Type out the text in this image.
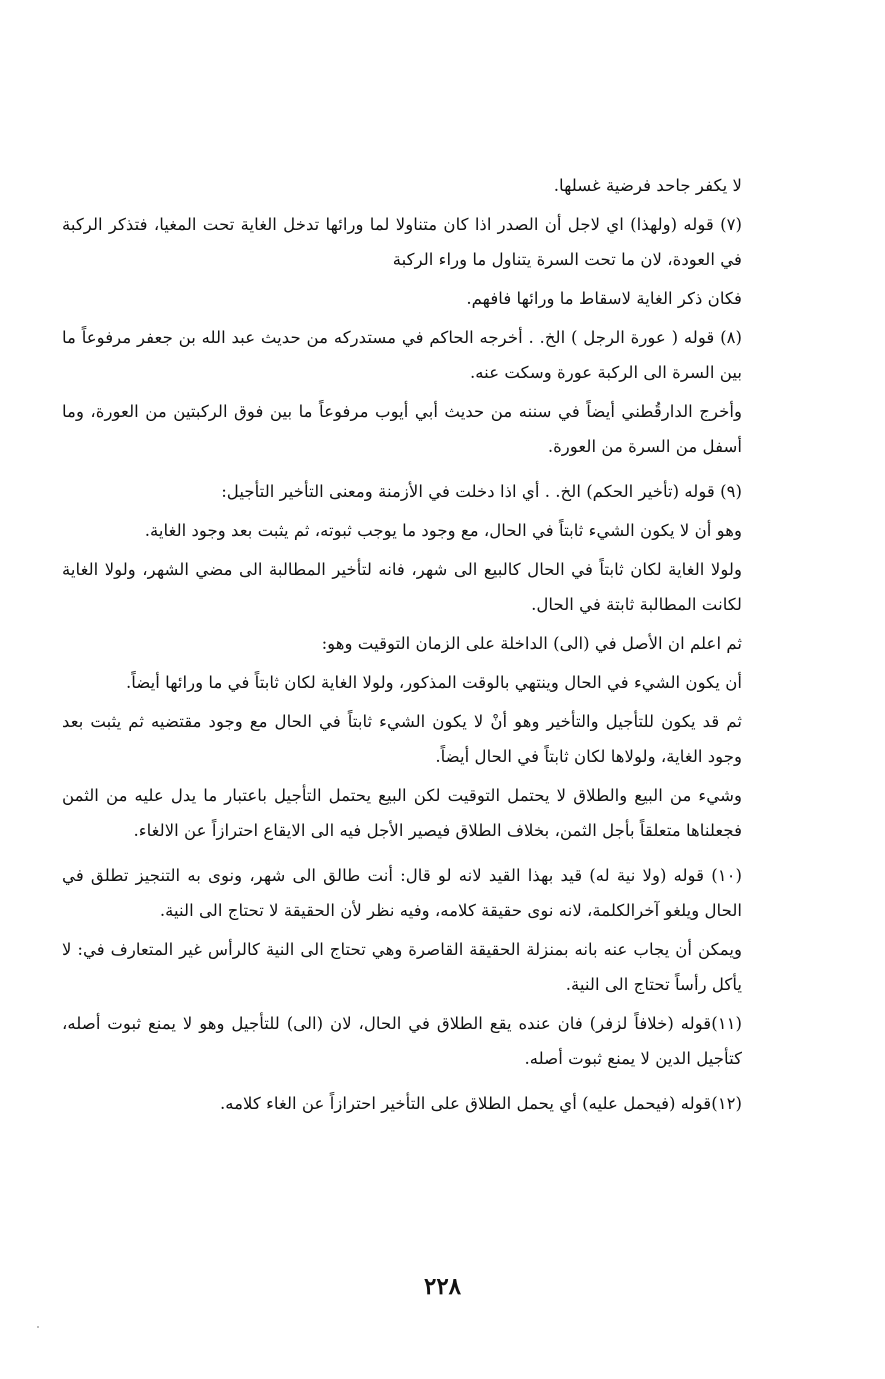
لا يكفر جاحد فرضية غسلها.

(٧) قوله (ولهذا) اي لاجل أن الصدر اذا كان متناولا لما ورائها تدخل الغاية تحت المغيا، فتذكر الركبة في العودة، لان ما تحت السرة يتناول ما وراء الركبة

فكان ذكر الغاية لاسقاط ما ورائها فافهم.

(٨) قوله ( عورة الرجل ) الخ. . أخرجه الحاكم في مستدركه من حديث عبد الله بن جعفر مرفوعاً ما بين السرة الى الركبة عورة وسكت عنه.

وأخرج الدارقُطني أيضاً في سننه من حديث أبي أيوب مرفوعاً ما بين فوق الركبتين من العورة، وما أسفل من السرة من العورة.

(٩) قوله (تأخير الحكم) الخ. . أي اذا دخلت في الأزمنة ومعنى التأخير التأجيل:

وهو أن لا يكون الشيء ثابتاً في الحال، مع وجود ما يوجب ثبوته، ثم يثبت بعد وجود الغاية.

ولولا الغاية لكان ثابتاً في الحال كالبيع الى شهر، فانه لتأخير المطالبة الى مضي الشهر، ولولا الغاية لكانت المطالبة ثابتة في الحال.

ثم اعلم ان الأصل في (الى) الداخلة على الزمان التوقيت وهو:

أن يكون الشيء في الحال وينتهي بالوقت المذكور، ولولا الغاية لكان ثابتاً في ما ورائها أيضاً.

ثم قد يكون للتأجيل والتأخير وهو أنْ لا يكون الشيء ثابتاً في الحال مع وجود مقتضيه ثم يثبت بعد وجود الغاية، ولولاها لكان ثابتاً في الحال أيضاً.

وشيء من البيع والطلاق لا يحتمل التوقيت لكن البيع يحتمل التأجيل باعتبار ما يدل عليه من الثمن فجعلناها متعلقاً بأجل الثمن، بخلاف الطلاق فيصير الأجل فيه الى الايقاع احترازاً عن الالغاء.

(١٠) قوله (ولا نية له) قيد بهذا القيد لانه لو قال: أنت طالق الى شهر، ونوى به التنجيز تطلق في الحال ويلغو آخرالكلمة، لانه نوى حقيقة كلامه، وفيه نظر لأن الحقيقة لا تحتاج الى النية.

ويمكن أن يجاب عنه بانه بمنزلة الحقيقة القاصرة وهي تحتاج الى النية كالرأس غير المتعارف في: لا يأكل رأساً تحتاج الى النية.

(١١)قوله (خلافاً لزفر) فان عنده يقع الطلاق في الحال، لان (الى) للتأجيل وهو لا يمنع ثبوت أصله، كتأجيل الدين لا يمنع ثبوت أصله.

(١٢)قوله (فيحمل عليه) أي يحمل الطلاق على التأخير احترازاً عن الغاء كلامه.

٢٢٨
